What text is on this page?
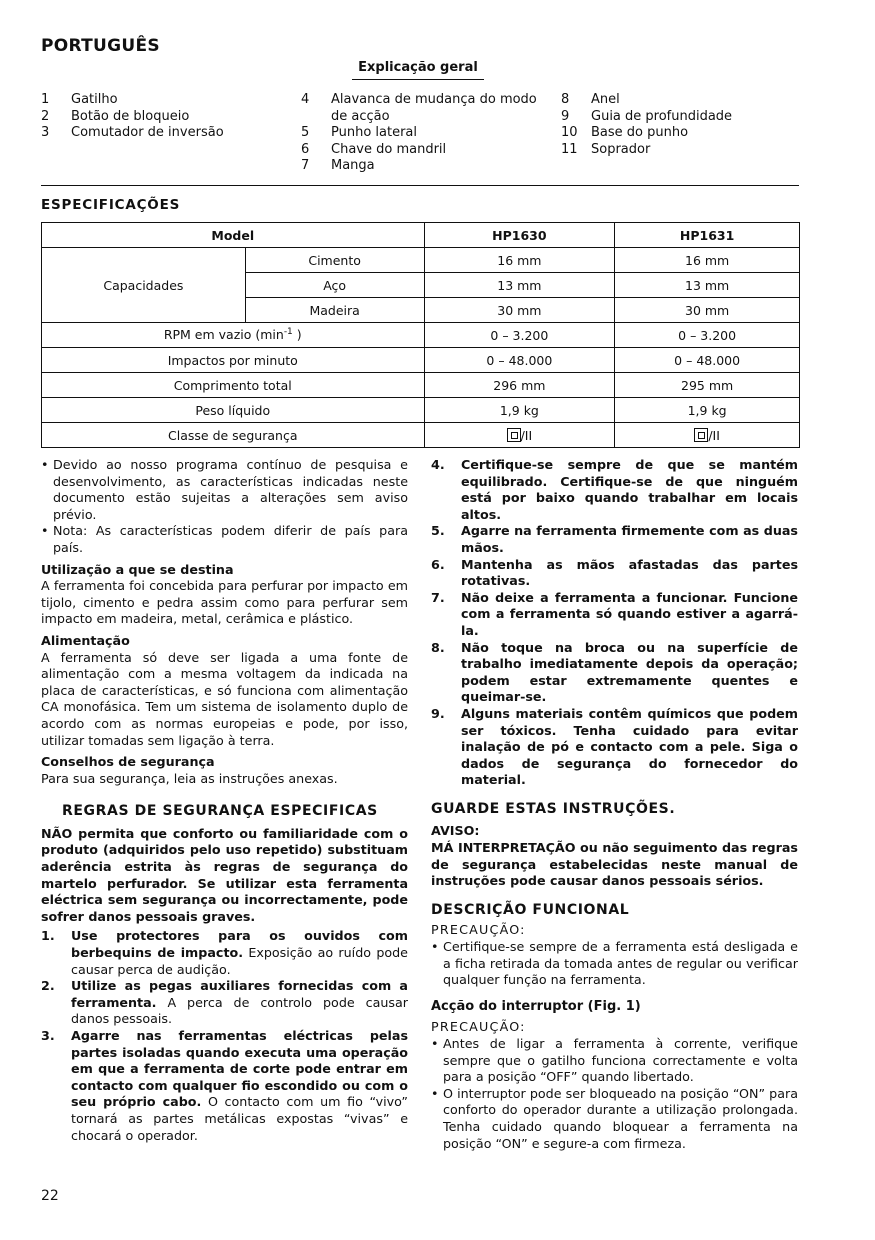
PORTUGUÊS
Explicação geral
1 Gatilho
2 Botão de bloqueio
3 Comutador de inversão
4 Alavanca de mudança do modo de acção
5 Punho lateral
6 Chave do mandril
7 Manga
8 Anel
9 Guia de profundidade
10 Base do punho
11 Soprador
ESPECIFICAÇÕES
Model		HP1630	HP1631
Capacidades	Cimento	16 mm	16 mm
	Aço	13 mm	13 mm
	Madeira	30 mm	30 mm
RPM em vazio ($\min^{-1}$ )		0 – 3.200	0 – 3.200
Impactos por minuto		0 – 48.000	0 – 48.000
Comprimento total		296 mm	295 mm
Peso líquido		1,9 kg	1,9 kg
Classe de segurança		/II	/II

• Devido ao nosso programa contínuo de pesquisa e desenvolvimento, as características indicadas neste documento estão sujeitas a alterações sem aviso prévio.

• Nota: As características podem diferir de país para país.

Utilização a que se destina

A ferramenta foi concebida para perfurar por impacto em tijolo, cimento e pedra assim como para perfurar sem impacto em madeira, metal, cerâmica e plástico.

Alimentação

A ferramenta só deve ser ligada a uma fonte de alimentação com a mesma voltagem da indicada na placa de características, e só funciona com alimentação CA monofásica. Tem um sistema de isolamento duplo de acordo com as normas europeias e pode, por isso, utilizar tomadas sem ligação à terra.

Conselhos de segurança

Para sua segurança, leia as instruções anexas.

REGRAS DE SEGURANÇA ESPECIFICAS

NÃO permita que conforto ou familiaridade com o produto (adquiridos pelo uso repetido) substituam aderência estrita às regras de segurança do martelo perfurador. Se utilizar esta ferramenta eléctrica sem segurança ou incorrectamente, pode sofrer danos pessoais graves.

1. Use protectores para os ouvidos com berbequins de impacto. Exposição ao ruído pode causar perca de audição.
2. Utilize as pegas auxiliares fornecidas com a ferramenta. A perca de controlo pode causar danos pessoais.
3. Agarre nas ferramentas eléctricas pelas partes isoladas quando executa uma operação em que a ferramenta de corte pode entrar em contacto com qualquer fio escondido ou com o seu próprio cabo. O contacto com um fio “vivo” tornará as partes metálicas expostas “vivas” e chocará o operador.
4. Certifique-se sempre de que se mantém equilibrado. Certifique-se de que ninguém está por baixo quando trabalhar em locais altos.
5. Agarre na ferramenta firmemente com as duas mãos.
6. Mantenha as mãos afastadas das partes rotativas.
7. Não deixe a ferramenta a funcionar. Funcione com a ferramenta só quando estiver a agarrá-la.
8. Não toque na broca ou na superfície de trabalho imediatamente depois da operação; podem estar extremamente quentes e queimar-se.
9. Alguns materiais contêm químicos que podem ser tóxicos. Tenha cuidado para evitar inalação de pó e contacto com a pele. Siga o dados de segurança do fornecedor do material.

GUARDE ESTAS INSTRUÇÕES.

AVISO:

MÁ INTERPRETAÇÃO ou não seguimento das regras de segurança estabelecidas neste manual de instruções pode causar danos pessoais sérios.

DESCRIÇÃO FUNCIONAL

PRECAUÇÃO:

• Certifique-se sempre de a ferramenta está desligada e a ficha retirada da tomada antes de regular ou verificar qualquer função na ferramenta.

Acção do interruptor (Fig. 1)

PRECAUÇÃO:

• Antes de ligar a ferramenta à corrente, verifique sempre que o gatilho funciona correctamente e volta para a posição “OFF” quando libertado.

• O interruptor pode ser bloqueado na posição “ON” para conforto do operador durante a utilização prolongada. Tenha cuidado quando bloquear a ferramenta na posição “ON” e segure-a com firmeza.

22
